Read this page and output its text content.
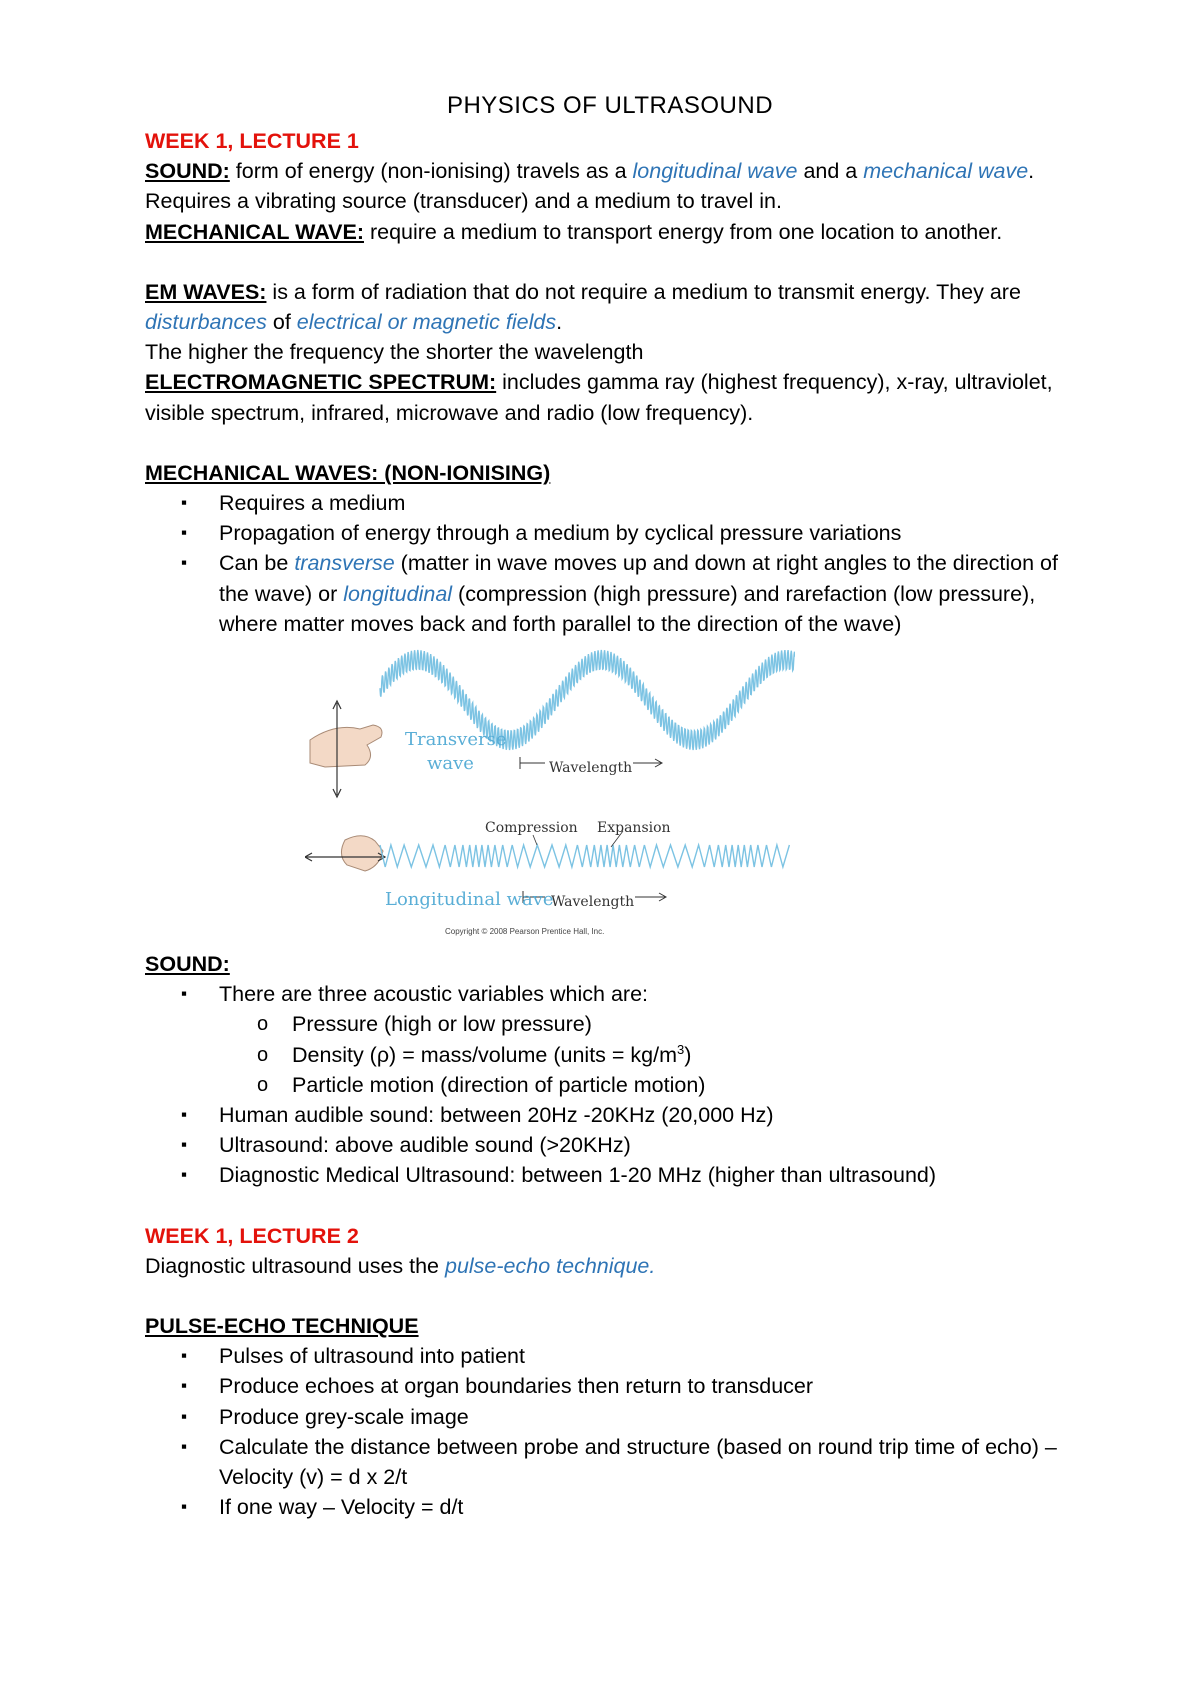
PHYSICS OF ULTRASOUND

WEEK 1, LECTURE 1

SOUND: form of energy (non-ionising) travels as a longitudinal wave and a mechanical wave. Requires a vibrating source (transducer) and a medium to travel in.

MECHANICAL WAVE: require a medium to transport energy from one location to another.

EM WAVES: is a form of radiation that do not require a medium to transmit energy. They are disturbances of electrical or magnetic fields.

The higher the frequency the shorter the wavelength

ELECTROMAGNETIC SPECTRUM: includes gamma ray (highest frequency), x-ray, ultraviolet, visible spectrum, infrared, microwave and radio (low frequency).

MECHANICAL WAVES: (NON-IONISING)

▪ Requires a medium
▪ Propagation of energy through a medium by cyclical pressure variations
▪ Can be transverse (matter in wave moves up and down at right angles to the direction of the wave) or longitudinal (compression (high pressure) and rarefaction (low pressure), where matter moves back and forth parallel to the direction of the wave)
Transverse
wave	Wavelength
Compression Expansion
Longitudinal wave
Wavelength
Copyright © 2008 Pearson Prentice Hall, Inc.

SOUND:

▪ There are three acoustic variables which are:
o Pressure (high or low pressure)
o Density (ρ) = mass/volume (units = $kg/m^3$)
o Particle motion (direction of particle motion)
▪ Human audible sound: between 20Hz -20KHz (20,000 Hz)
▪ Ultrasound: above audible sound (>20KHz)
▪ Diagnostic Medical Ultrasound: between 1-20 MHz (higher than ultrasound)

WEEK 1, LECTURE 2

Diagnostic ultrasound uses the pulse-echo technique.

PULSE-ECHO TECHNIQUE

▪ Pulses of ultrasound into patient
▪ Produce echoes at organ boundaries then return to transducer
▪ Produce grey-scale image
▪ Calculate the distance between probe and structure (based on round trip time of echo) – Velocity (v) = d x 2/t
▪ If one way – Velocity = d/t
